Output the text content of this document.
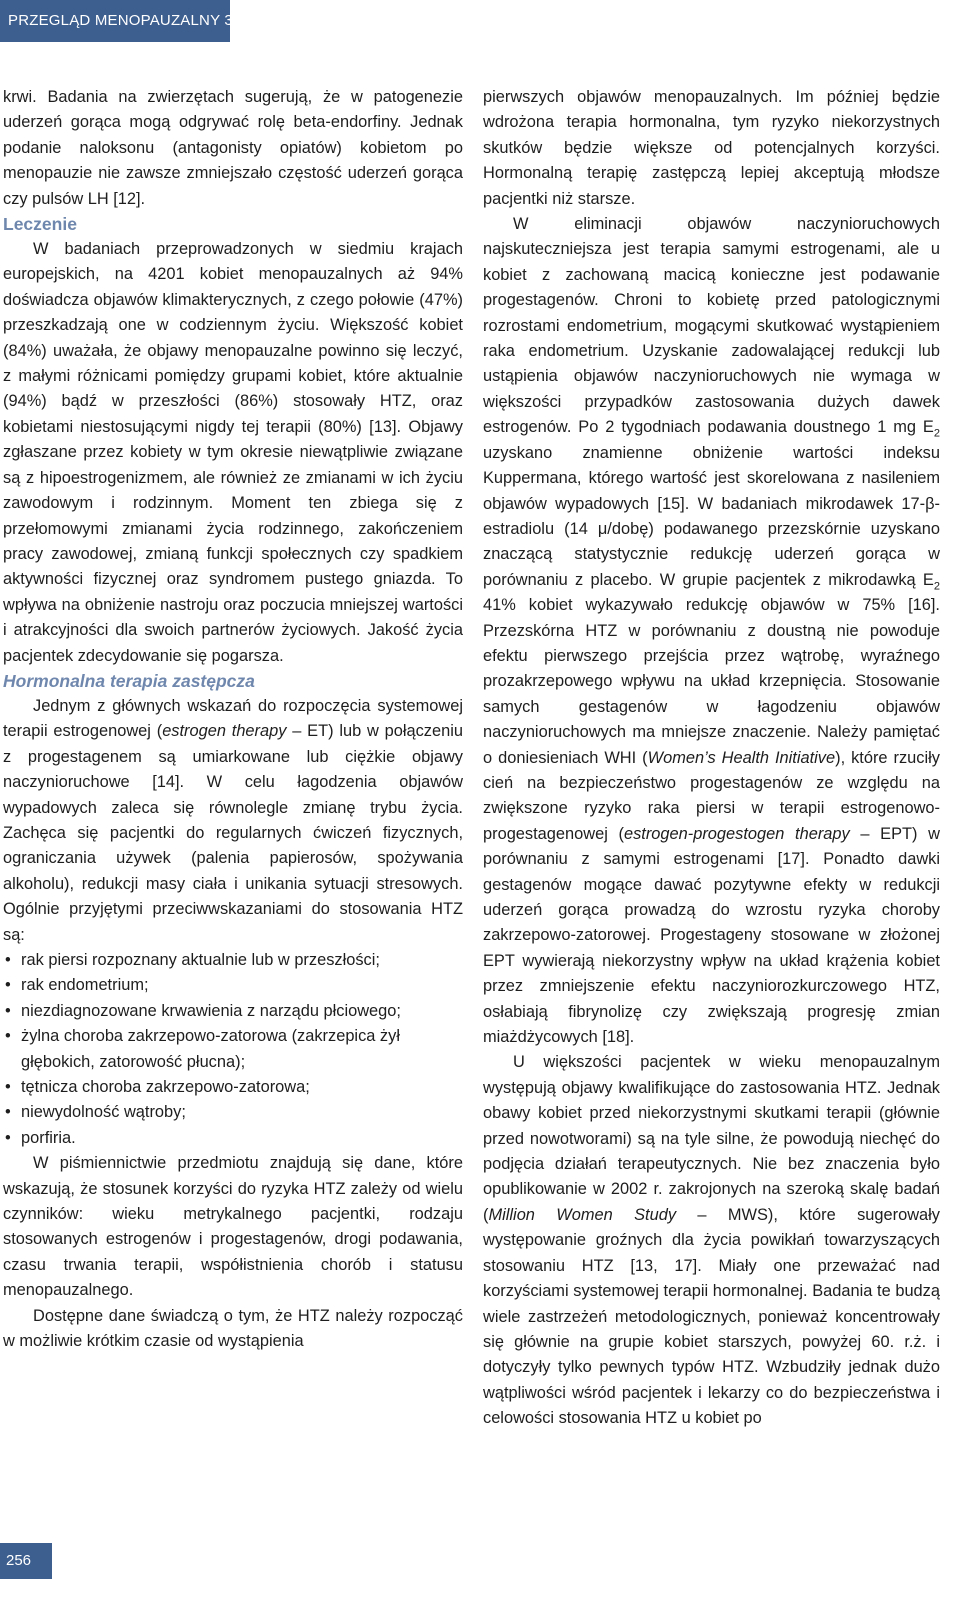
PRZEGLĄD MENOPAUZALNY 3/2011

krwi. Badania na zwierzętach sugerują, że w patogenezie uderzeń gorąca mogą odgrywać rolę beta-endorfiny. Jednak podanie naloksonu (antagonisty opiatów) kobietom po menopauzie nie zawsze zmniejszało częstość uderzeń gorąca czy pulsów LH [12].

Leczenie

W badaniach przeprowadzonych w siedmiu krajach europejskich, na 4201 kobiet menopauzalnych aż 94% doświadcza objawów klimakterycznych, z czego połowie (47%) przeszkadzają one w codziennym życiu. Większość kobiet (84%) uważała, że objawy menopauzalne powinno się leczyć, z małymi różnicami pomiędzy grupami kobiet, które aktualnie (94%) bądź w przeszłości (86%) stosowały HTZ, oraz kobietami niestosującymi nigdy tej terapii (80%) [13]. Objawy zgłaszane przez kobiety w tym okresie niewątpliwie związane są z hipoestrogenizmem, ale również ze zmianami w ich życiu zawodowym i rodzinnym. Moment ten zbiega się z przełomowymi zmianami życia rodzinnego, zakończeniem pracy zawodowej, zmianą funkcji społecznych czy spadkiem aktywności fizycznej oraz syndromem pustego gniazda. To wpływa na obniżenie nastroju oraz poczucia mniejszej wartości i atrakcyjności dla swoich partnerów życiowych. Jakość życia pacjentek zdecydowanie się pogarsza.

Hormonalna terapia zastępcza

Jednym z głównych wskazań do rozpoczęcia systemowej terapii estrogenowej (estrogen therapy – ET) lub w połączeniu z progestagenem są umiarkowane lub ciężkie objawy naczynioruchowe [14]. W celu łagodzenia objawów wypadowych zaleca się równolegle zmianę trybu życia. Zachęca się pacjentki do regularnych ćwiczeń fizycznych, ograniczania używek (palenia papierosów, spożywania alkoholu), redukcji masy ciała i unikania sytuacji stresowych. Ogólnie przyjętymi przeciwwskazaniami do stosowania HTZ są:

• rak piersi rozpoznany aktualnie lub w przeszłości;
• rak endometrium;
• niezdiagnozowane krwawienia z narządu płciowego;
• żylna choroba zakrzepowo-zatorowa (zakrzepica żył głębokich, zatorowość płucna);
• tętnicza choroba zakrzepowo-zatorowa;
• niewydolność wątroby;
• porfiria.

W piśmiennictwie przedmiotu znajdują się dane, które wskazują, że stosunek korzyści do ryzyka HTZ zależy od wielu czynników: wieku metrykalnego pacjentki, rodzaju stosowanych estrogenów i progestagenów, drogi podawania, czasu trwania terapii, współistnienia chorób i statusu menopauzalnego.

Dostępne dane świadczą o tym, że HTZ należy rozpocząć w możliwie krótkim czasie od wystąpienia

pierwszych objawów menopauzalnych. Im później będzie wdrożona terapia hormonalna, tym ryzyko niekorzystnych skutków będzie większe od potencjalnych korzyści. Hormonalną terapię zastępczą lepiej akceptują młodsze pacjentki niż starsze.

W eliminacji objawów naczynioruchowych najskuteczniejsza jest terapia samymi estrogenami, ale u kobiet z zachowaną macicą konieczne jest podawanie progestagenów. Chroni to kobietę przed patologicznymi rozrostami endometrium, mogącymi skutkować wystąpieniem raka endometrium. Uzyskanie zadowalającej redukcji lub ustąpienia objawów naczynioruchowych nie wymaga w większości przypadków zastosowania dużych dawek estrogenów. Po 2 tygodniach podawania doustnego 1 mg $E_2$ uzyskano znamienne obniżenie wartości indeksu Kuppermana, którego wartość jest skorelowana z nasileniem objawów wypadowych [15]. W badaniach mikrodawek 17-β-estradiolu (14 μ/dobę) podawanego przezskórnie uzyskano znaczącą statystycznie redukcję uderzeń gorąca w porównaniu z placebo. W grupie pacjentek z mikrodawką $E_2$ 41% kobiet wykazywało redukcję objawów w 75% [16]. Przezskórna HTZ w porównaniu z doustną nie powoduje efektu pierwszego przejścia przez wątrobę, wyraźnego prozakrzepowego wpływu na układ krzepnięcia. Stosowanie samych gestagenów w łagodzeniu objawów naczynioruchowych ma mniejsze znaczenie. Należy pamiętać o doniesieniach WHI (Women’s Health Initiative), które rzuciły cień na bezpieczeństwo progestagenów ze względu na zwiększone ryzyko raka piersi w terapii estrogenowo-progestagenowej (estrogen-progestogen therapy – EPT) w porównaniu z samymi estrogenami [17]. Ponadto dawki gestagenów mogące dawać pozytywne efekty w redukcji uderzeń gorąca prowadzą do wzrostu ryzyka choroby zakrzepowo-zatorowej. Progestageny stosowane w złożonej EPT wywierają niekorzystny wpływ na układ krążenia kobiet przez zmniejszenie efektu naczyniorozkurczowego HTZ, osłabiają fibrynolizę czy zwiększają progresję zmian miażdżycowych [18].

U większości pacjentek w wieku menopauzalnym występują objawy kwalifikujące do zastosowania HTZ. Jednak obawy kobiet przed niekorzystnymi skutkami terapii (głównie przed nowotworami) są na tyle silne, że powodują niechęć do podjęcia działań terapeutycznych. Nie bez znaczenia było opublikowanie w 2002 r. zakrojonych na szeroką skalę badań (Million Women Study – MWS), które sugerowały występowanie groźnych dla życia powikłań towarzyszących stosowaniu HTZ [13, 17]. Miały one przeważać nad korzyściami systemowej terapii hormonalnej. Badania te budzą wiele zastrzeżeń metodologicznych, ponieważ koncentrowały się głównie na grupie kobiet starszych, powyżej 60. r.ż. i dotyczyły tylko pewnych typów HTZ. Wzbudziły jednak dużo wątpliwości wśród pacjentek i lekarzy co do bezpieczeństwa i celowości stosowania HTZ u kobiet po

256
